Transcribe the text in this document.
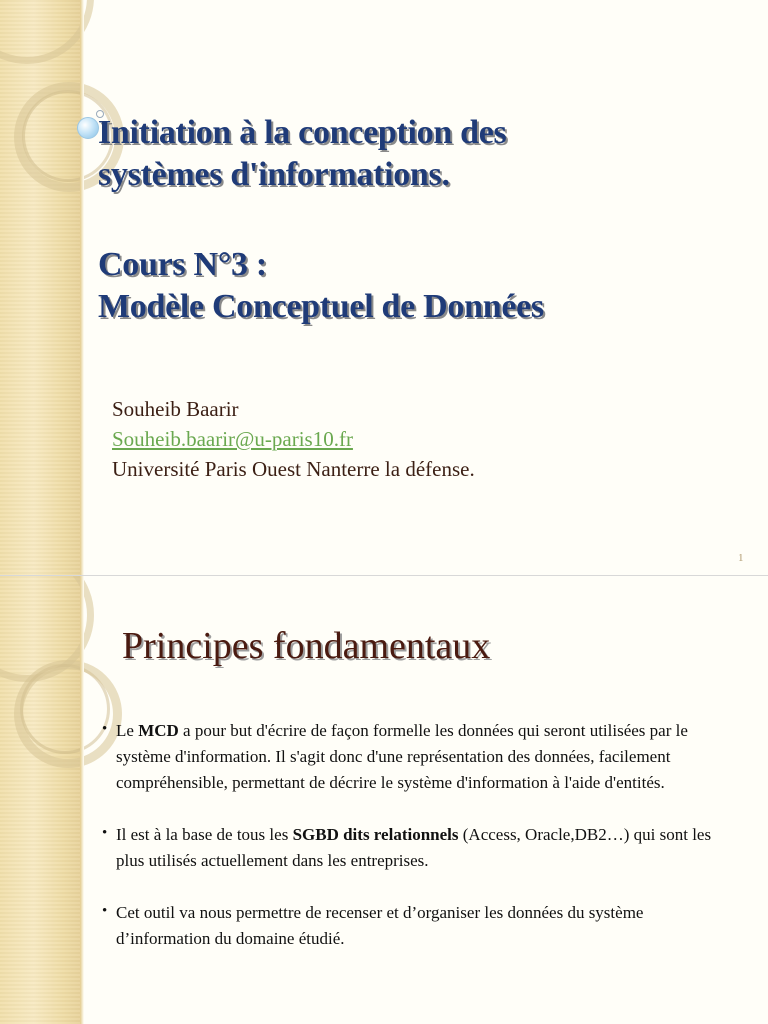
Initiation à la conception des
systèmes d'informations.
Cours N°3 :
Modèle Conceptuel de Données
Souheib Baarir
Souheib.baarir@u-paris10.fr
Université Paris Ouest Nanterre la défense.
1
Principes fondamentaux
• Le MCD a pour but d'écrire de façon formelle les données qui seront utilisées par le système d'information. Il s'agit donc d'une représentation des données, facilement compréhensible, permettant de décrire le système d'information à l'aide d'entités.
• Il est à la base de tous les SGBD dits relationnels (Access, Oracle,DB2…) qui sont les plus utilisés actuellement dans les entreprises.
• Cet outil va nous permettre de recenser et d’organiser les données du système d’information du domaine étudié.
